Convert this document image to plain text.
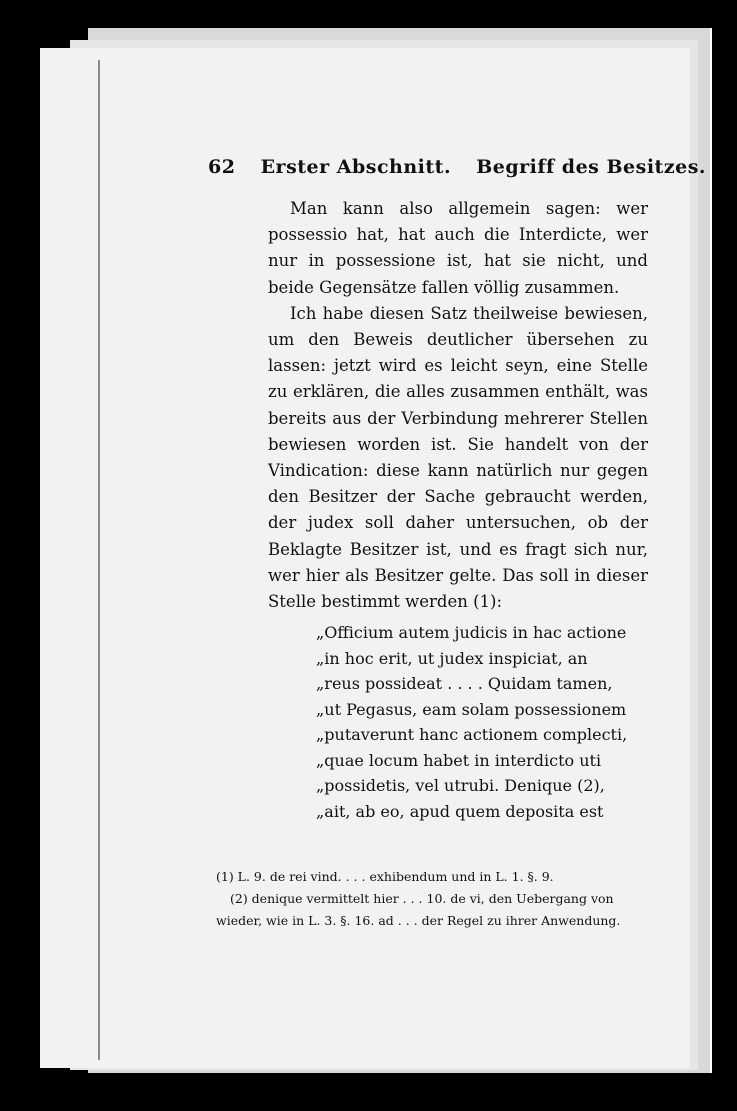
62 Erster Abschnitt. Begriff des Besitzes.

Man kann also allgemein sagen: wer possessio hat, hat auch die Interdicte, wer nur in possessione ist, hat sie nicht, und beide Gegensätze fallen völlig zusammen.

Ich habe diesen Satz theilweise bewiesen, um den Beweis deutlicher übersehen zu lassen: jetzt wird es leicht seyn, eine Stelle zu erklären, die alles zusammen enthält, was bereits aus der Verbindung mehrerer Stellen bewiesen worden ist. Sie handelt von der Vindication: diese kann natürlich nur gegen den Besitzer der Sache gebraucht werden, der judex soll daher untersuchen, ob der Beklagte Besitzer ist, und es fragt sich nur, wer hier als Besitzer gelte. Das soll in dieser Stelle bestimmt werden (1):

„Officium autem judicis in hac actione

„in hoc erit, ut judex inspiciat, an

„reus possideat . . . . Quidam tamen,

„ut Pegasus, eam solam possessionem

„putaverunt hanc actionem complecti,

„quae locum habet in interdicto uti

„possidetis, vel utrubi. Denique (2),

„ait, ab eo, apud quem deposita est

(1) L. 9. de rei vind. . . . exhibendum und in L. 1. §. 9.

(2) denique vermittelt hier . . . 10. de vi, den Uebergang von

wieder, wie in L. 3. §. 16. ad . . . der Regel zu ihrer Anwendung.
